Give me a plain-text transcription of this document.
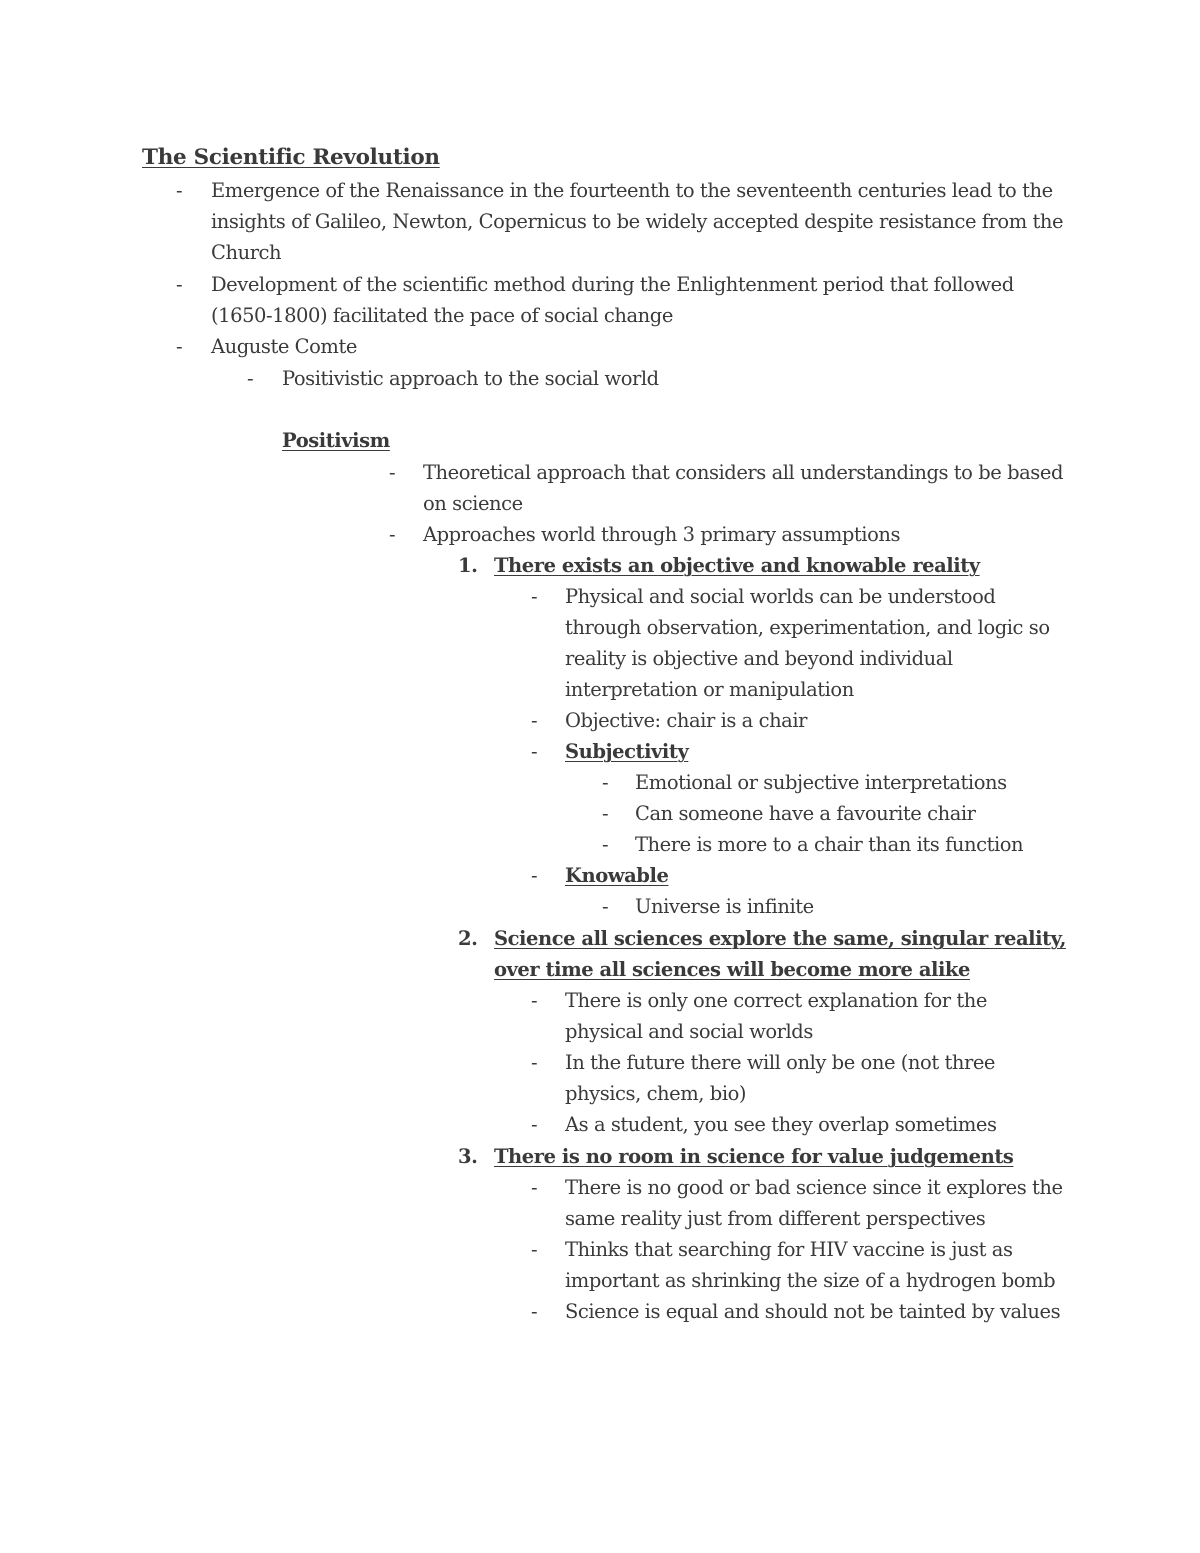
The Scientific Revolution
- Emergence of the Renaissance in the fourteenth to the seventeenth centuries lead to the
insights of Galileo, Newton, Copernicus to be widely accepted despite resistance from the
Church
- Development of the scientific method during the Enlightenment period that followed
(1650-1800) facilitated the pace of social change
- Auguste Comte
- Positivistic approach to the social world
Positivism
- Theoretical approach that considers all understandings to be based
on science
- Approaches world through 3 primary assumptions
1. There exists an objective and knowable reality
- Physical and social worlds can be understood
through observation, experimentation, and logic so
reality is objective and beyond individual
interpretation or manipulation
- Objective: chair is a chair
- Subjectivity
- Emotional or subjective interpretations
- Can someone have a favourite chair
- There is more to a chair than its function
- Knowable
- Universe is infinite
2. Science all sciences explore the same, singular reality,
over time all sciences will become more alike
- There is only one correct explanation for the
physical and social worlds
- In the future there will only be one (not three
physics, chem, bio)
- As a student, you see they overlap sometimes
3. There is no room in science for value judgements
- There is no good or bad science since it explores the
same reality just from different perspectives
- Thinks that searching for HIV vaccine is just as
important as shrinking the size of a hydrogen bomb
- Science is equal and should not be tainted by values
